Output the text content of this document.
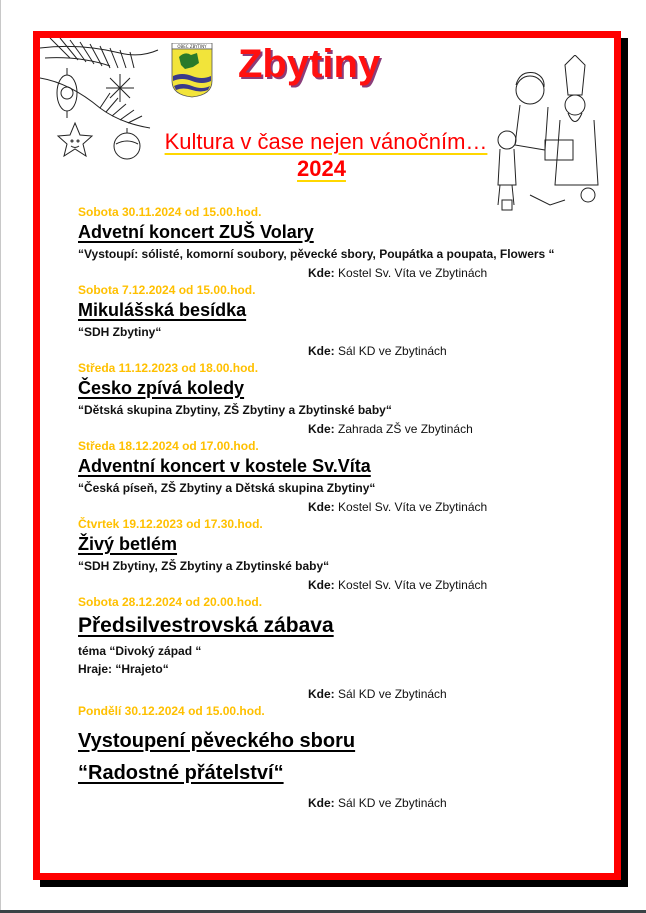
OBEC ZBYTINY Zbytiny
Kultura v čase nejen vánočním…
2024
Sobota 30.11.2024 od 15.00.hod.
Advetní koncert ZUŠ Volary
“Vystoupí: sólisté, komorní soubory, pěvecké sbory, Poupátka a poupata, Flowers “
Kde: Kostel Sv. Víta ve Zbytinách
Sobota 7.12.2024 od 15.00.hod.
Mikulášská besídka
“SDH Zbytiny“
Kde: Sál KD ve Zbytinách
Středa 11.12.2023 od 18.00.hod.
Česko zpívá koledy
“Dětská skupina Zbytiny, ZŠ Zbytiny a Zbytinské baby“
Kde: Zahrada ZŠ ve Zbytinách
Středa 18.12.2024 od 17.00.hod.
Adventní koncert v kostele Sv.Víta
“Česká píseň, ZŠ Zbytiny a Dětská skupina Zbytiny“
Kde: Kostel Sv. Víta ve Zbytinách
Čtvrtek 19.12.2023 od 17.30.hod.
Živý betlém
“SDH Zbytiny, ZŠ Zbytiny a Zbytinské baby“
Kde: Kostel Sv. Víta ve Zbytinách
Sobota 28.12.2024 od 20.00.hod.
Předsilvestrovská zábava
téma “Divoký západ “
Hraje: “Hrajeto“
Kde: Sál KD ve Zbytinách
Pondělí 30.12.2024 od 15.00.hod.
Vystoupení pěveckého sboru
“Radostné přátelství“
Kde: Sál KD ve Zbytinách
